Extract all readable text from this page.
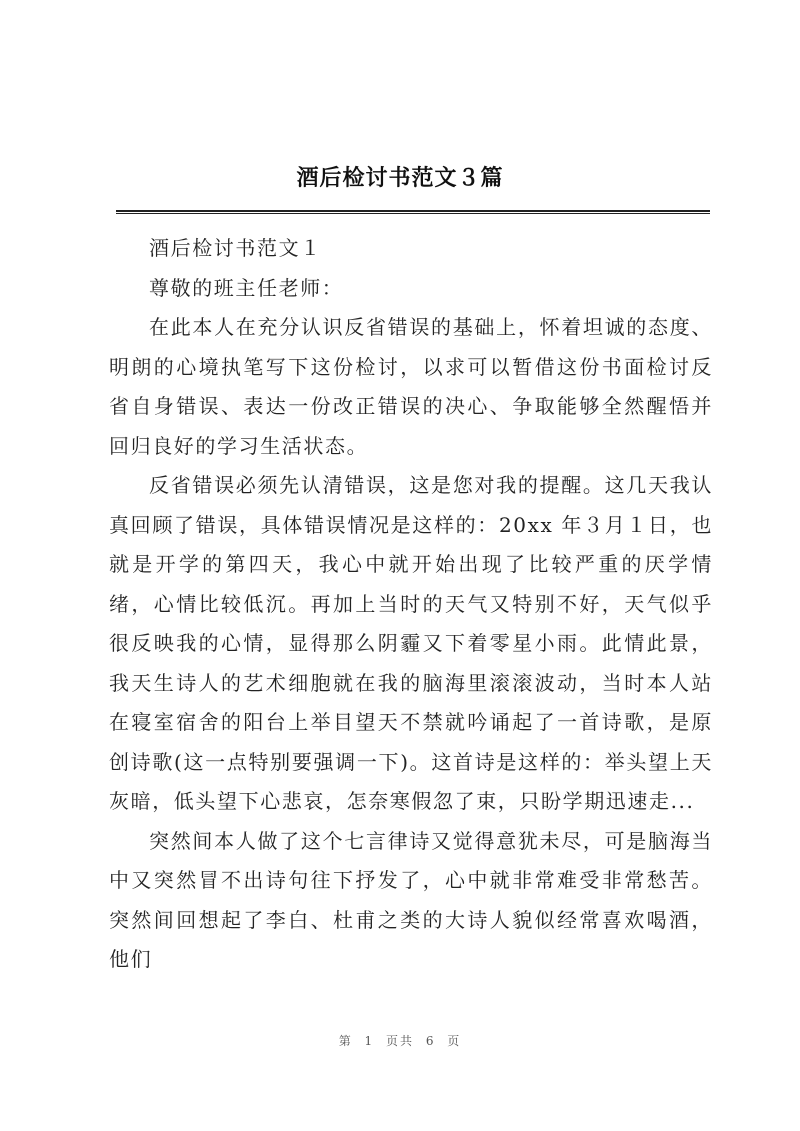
酒后检讨书范文３篇

酒后检讨书范文１

尊敬的班主任老师：

在此本人在充分认识反省错误的基础上，怀着坦诚的态度、明朗的心境执笔写下这份检讨，以求可以暂借这份书面检讨反省自身错误、表达一份改正错误的决心、争取能够全然醒悟并回归良好的学习生活状态。

反省错误必须先认清错误，这是您对我的提醒。这几天我认真回顾了错误，具体错误情况是这样的：20xx 年３月１日，也就是开学的第四天，我心中就开始出现了比较严重的厌学情绪，心情比较低沉。再加上当时的天气又特别不好，天气似乎很反映我的心情，显得那么阴霾又下着零星小雨。此情此景，我天生诗人的艺术细胞就在我的脑海里滚滚波动，当时本人站在寝室宿舍的阳台上举目望天不禁就吟诵起了一首诗歌，是原创诗歌(这一点特别要强调一下)。这首诗是这样的：举头望上天灰暗，低头望下心悲哀，怎奈寒假忽了束，只盼学期迅速走...

突然间本人做了这个七言律诗又觉得意犹未尽，可是脑海当中又突然冒不出诗句往下抒发了，心中就非常难受非常愁苦。突然间回想起了李白、杜甫之类的大诗人貌似经常喜欢喝酒，他们

第 1 页共 6 页
